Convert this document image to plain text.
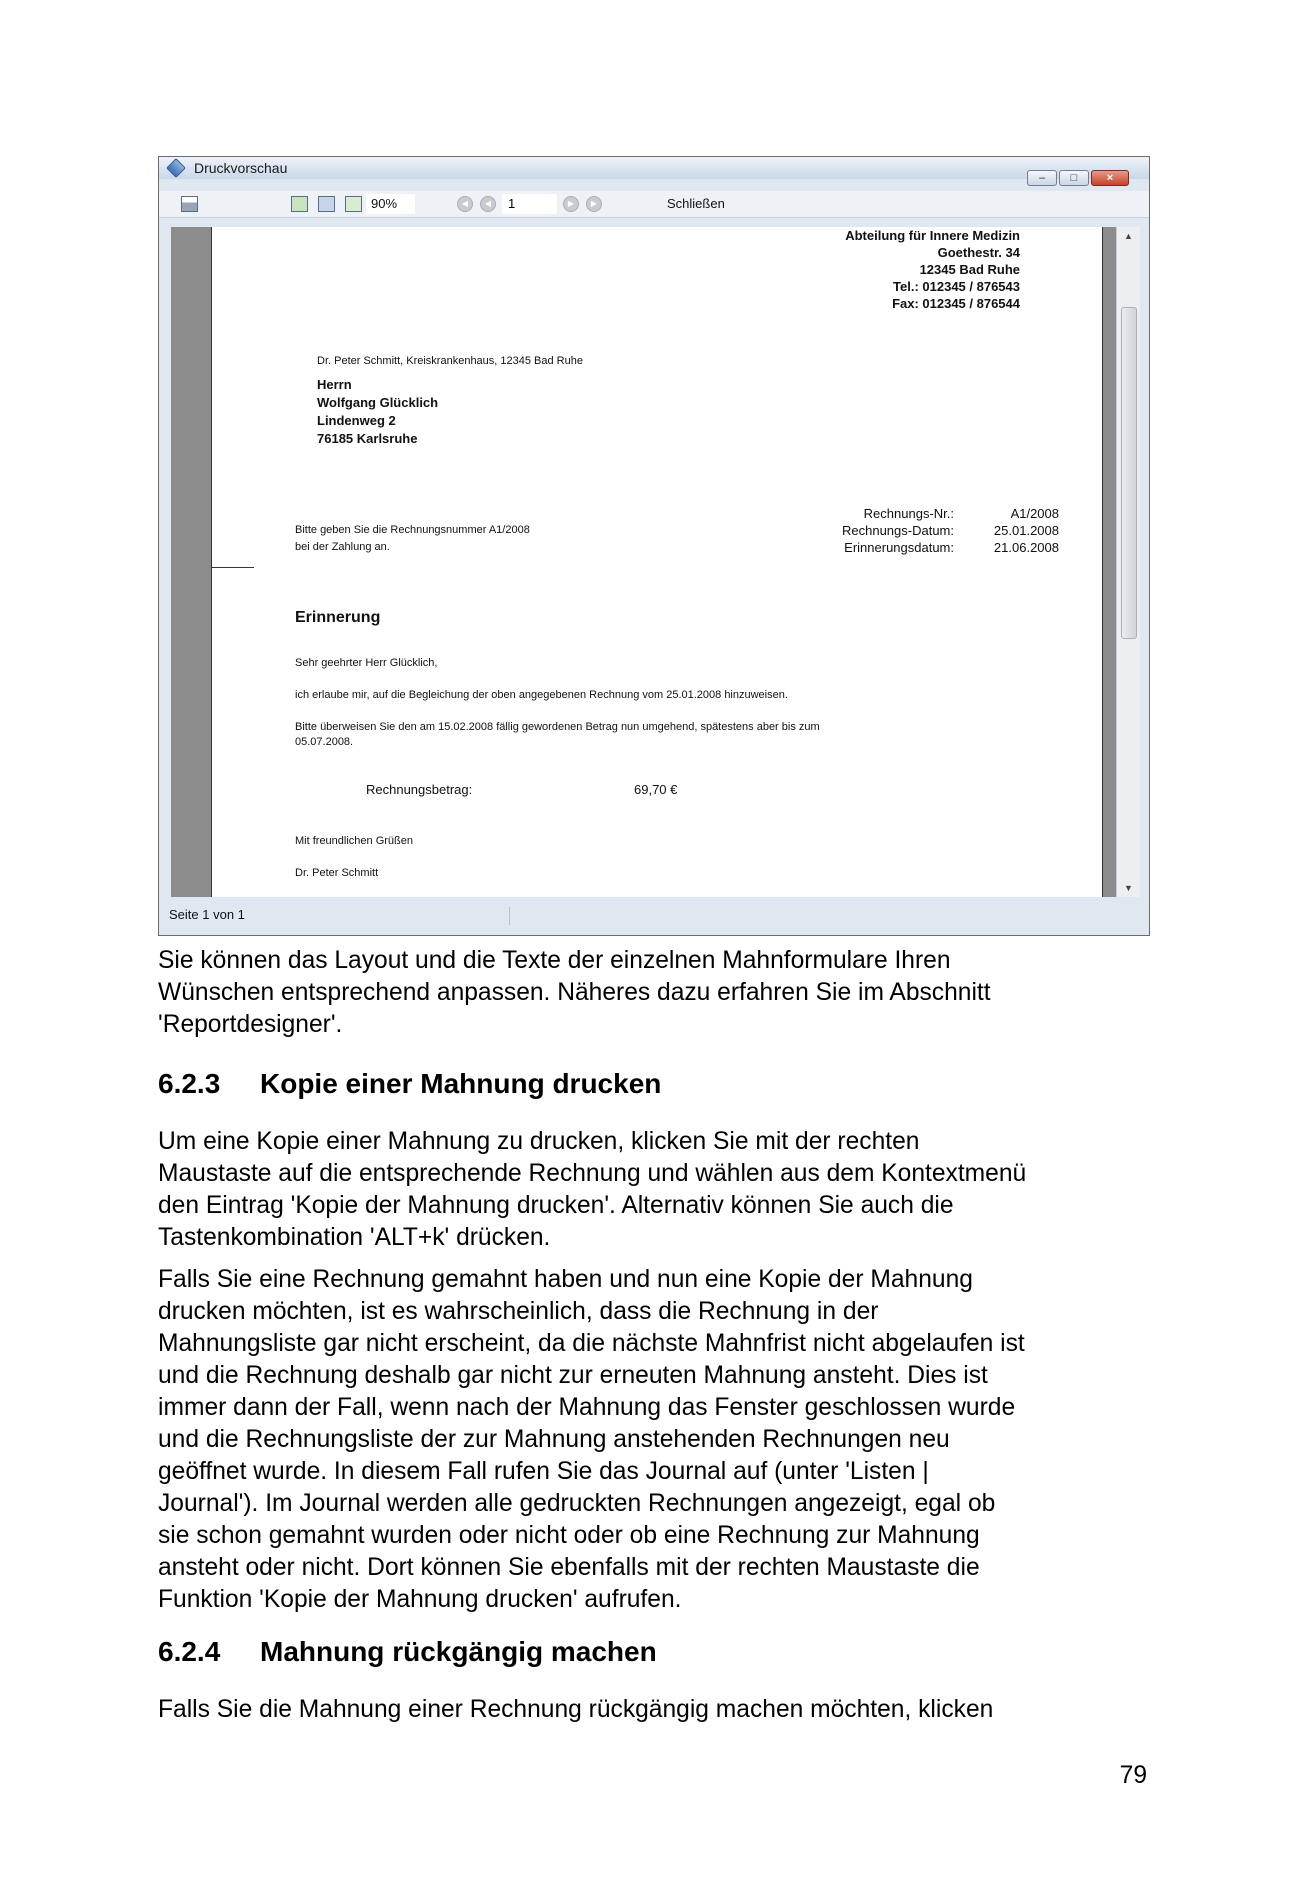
Druckvorschau
–	□	×
90%	◀	◀	1	▶	▶	Schließen
Abteilung für Innere Medizin
Goethestr. 34
12345 Bad Ruhe
Tel.: 012345 / 876543
Fax: 012345 / 876544
Dr. Peter Schmitt, Kreiskrankenhaus, 12345 Bad Ruhe
Herrn
Wolfgang Glücklich
Lindenweg 2
76185 Karlsruhe
Rechnungs-Nr.:	A1/2008
Bitte geben Sie die Rechnungsnummer A1/2008	Rechnungs-Datum:	25.01.2008
bei der Zahlung an.	Erinnerungsdatum:	21.06.2008
Erinnerung
Sehr geehrter Herr Glücklich,
ich erlaube mir, auf die Begleichung der oben angegebenen Rechnung vom 25.01.2008 hinzuweisen.
Bitte überweisen Sie den am 15.02.2008 fällig gewordenen Betrag nun umgehend, spätestens aber bis zum
05.07.2008.
Rechnungsbetrag:	69,70 €
Mit freundlichen Grüßen
Dr. Peter Schmitt
▲
▼
Seite 1 von 1
Sie können das Layout und die Texte der einzelnen Mahnformulare Ihren
Wünschen entsprechend anpassen. Näheres dazu erfahren Sie im Abschnitt
'Reportdesigner'.
6.2.3 Kopie einer Mahnung drucken
Um eine Kopie einer Mahnung zu drucken, klicken Sie mit der rechten
Maustaste auf die entsprechende Rechnung und wählen aus dem Kontextmenü
den Eintrag 'Kopie der Mahnung drucken'. Alternativ können Sie auch die
Tastenkombination 'ALT+k' drücken.
Falls Sie eine Rechnung gemahnt haben und nun eine Kopie der Mahnung
drucken möchten, ist es wahrscheinlich, dass die Rechnung in der
Mahnungsliste gar nicht erscheint, da die nächste Mahnfrist nicht abgelaufen ist
und die Rechnung deshalb gar nicht zur erneuten Mahnung ansteht. Dies ist
immer dann der Fall, wenn nach der Mahnung das Fenster geschlossen wurde
und die Rechnungsliste der zur Mahnung anstehenden Rechnungen neu
geöffnet wurde. In diesem Fall rufen Sie das Journal auf (unter 'Listen |
Journal'). Im Journal werden alle gedruckten Rechnungen angezeigt, egal ob
sie schon gemahnt wurden oder nicht oder ob eine Rechnung zur Mahnung
ansteht oder nicht. Dort können Sie ebenfalls mit der rechten Maustaste die
Funktion 'Kopie der Mahnung drucken' aufrufen.
6.2.4 Mahnung rückgängig machen
Falls Sie die Mahnung einer Rechnung rückgängig machen möchten, klicken
79
